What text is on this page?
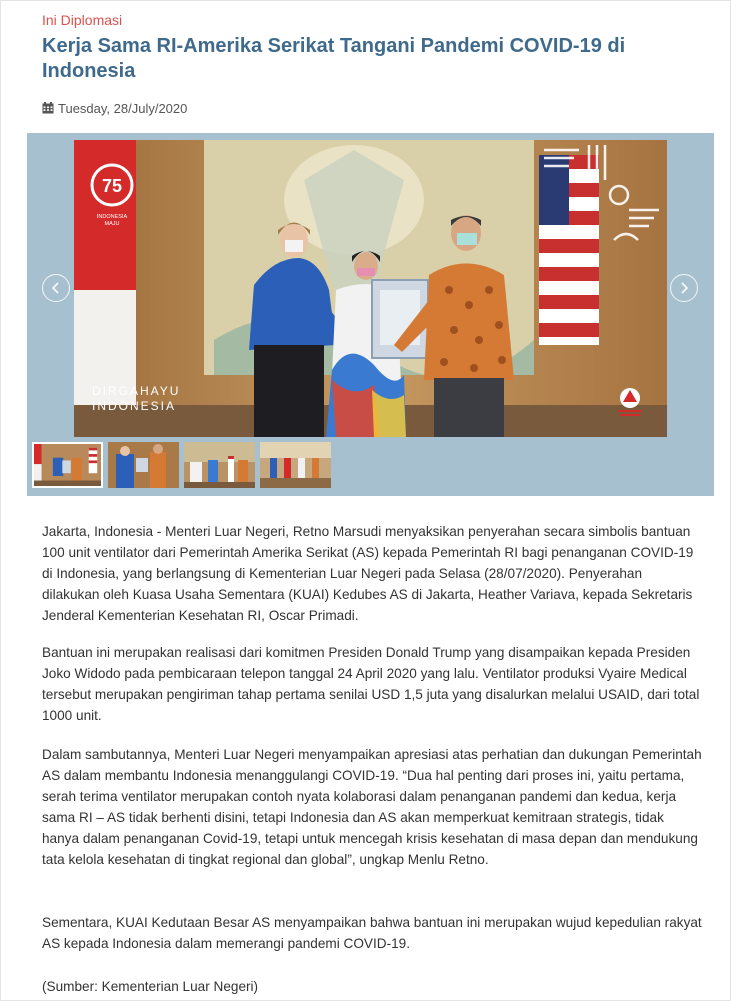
Ini Diplomasi
Kerja Sama RI-Amerika Serikat Tangani Pandemi COVID-19 di Indonesia
Tuesday, 28/July/2020
75
INDONESIA
MAJU
DIRGAHAYU
INDONESIA

Jakarta, Indonesia - Menteri Luar Negeri, Retno Marsudi menyaksikan penyerahan secara simbolis bantuan 100 unit ventilator dari Pemerintah Amerika Serikat (AS) kepada Pemerintah RI bagi penanganan COVID-19 di Indonesia, yang berlangsung di Kementerian Luar Negeri pada Selasa (28/07/2020). Penyerahan dilakukan oleh Kuasa Usaha Sementara (KUAI) Kedubes AS di Jakarta, Heather Variava, kepada Sekretaris Jenderal Kementerian Kesehatan RI, Oscar Primadi.

Bantuan ini merupakan realisasi dari komitmen Presiden Donald Trump yang disampaikan kepada Presiden Joko Widodo pada pembicaraan telepon tanggal 24 April 2020 yang lalu. Ventilator produksi Vyaire Medical tersebut merupakan pengiriman tahap pertama senilai USD 1,5 juta yang disalurkan melalui USAID, dari total 1000 unit.

Dalam sambutannya, Menteri Luar Negeri menyampaikan apresiasi atas perhatian dan dukungan Pemerintah AS dalam membantu Indonesia menanggulangi COVID-19. “Dua hal penting dari proses ini, yaitu pertama, serah terima ventilator merupakan contoh nyata kolaborasi dalam penanganan pandemi dan kedua, kerja sama RI – AS tidak berhenti disini, tetapi Indonesia dan AS akan memperkuat kemitraan strategis, tidak hanya dalam penanganan Covid-19, tetapi untuk mencegah krisis kesehatan di masa depan dan mendukung tata kelola kesehatan di tingkat regional dan global”, ungkap Menlu Retno.

Sementara, KUAI Kedutaan Besar AS menyampaikan bahwa bantuan ini merupakan wujud kepedulian rakyat AS kepada Indonesia dalam memerangi pandemi COVID-19.

(Sumber: Kementerian Luar Negeri)
